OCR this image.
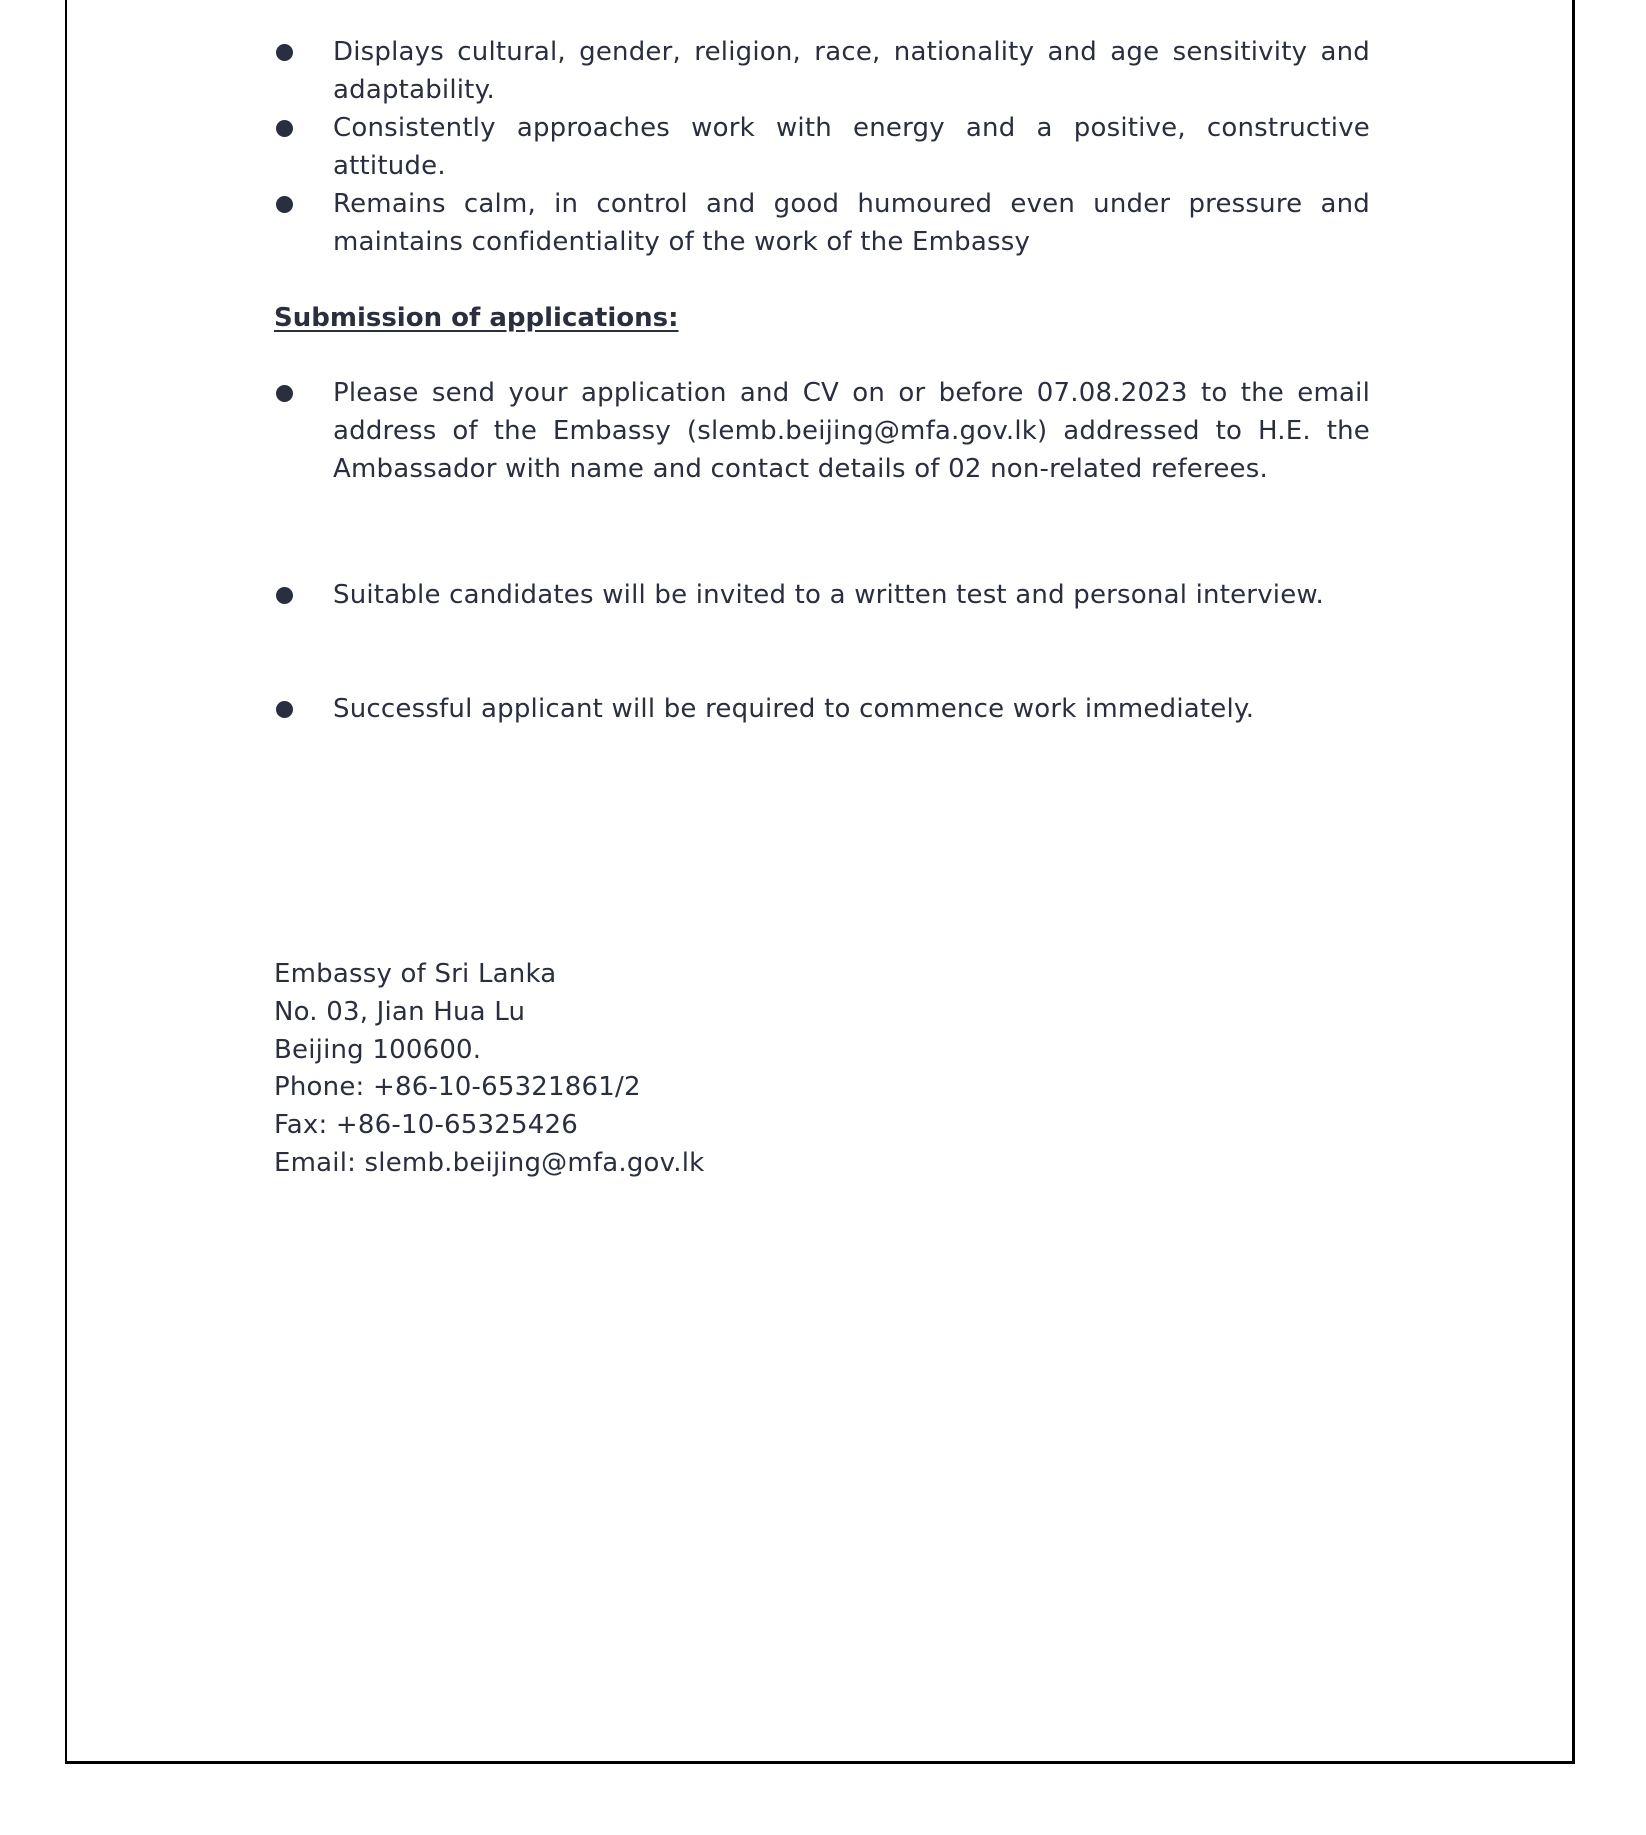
Displays cultural, gender, religion, race, nationality and age sensitivity and adaptability.
Consistently approaches work with energy and a positive, constructive attitude.
Remains calm, in control and good humoured even under pressure and maintains confidentiality of the work of the Embassy
Submission of applications:
Please send your application and CV on or before 07.08.2023 to the email address of the Embassy (slemb.beijing@mfa.gov.lk) addressed to H.E. the Ambassador with name and contact details of 02 non-related referees.
Suitable candidates will be invited to a written test and personal interview.
Successful applicant will be required to commence work immediately.
Embassy of Sri Lanka
No. 03, Jian Hua Lu
Beijing 100600.
Phone: +86-10-65321861/2
Fax: +86-10-65325426
Email: slemb.beijing@mfa.gov.lk
